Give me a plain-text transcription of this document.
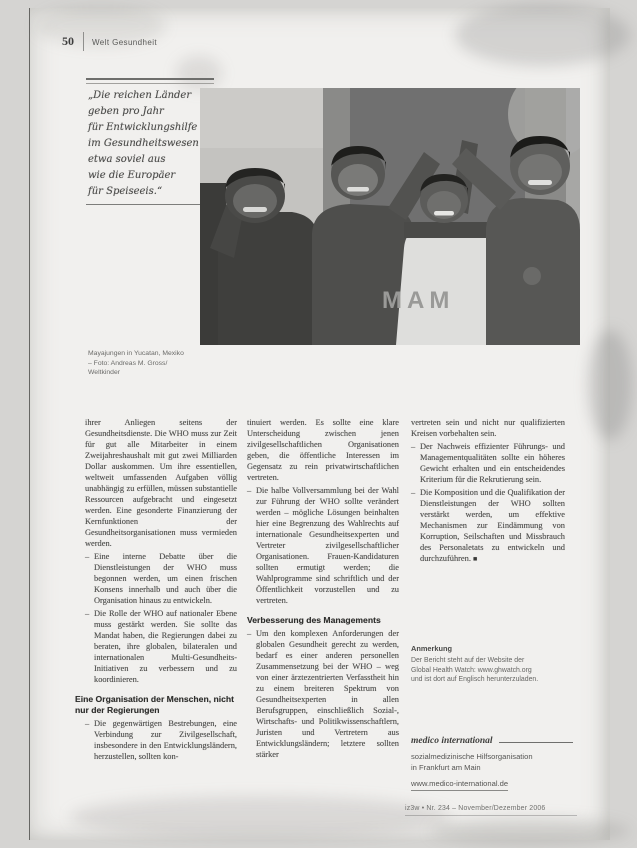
50 Welt Gesundheit
„Die reichen Länder
geben pro Jahr
für Entwicklungshilfe
im Gesundheitswesen
etwa soviel aus
wie die Europäer
für Speiseeis.“
MAM
Mayajungen in Yucatan, Mexiko
– Foto: Andreas M. Gross/
Weltkinder

ihrer Anliegen seitens der Gesundheitsdienste. Die WHO muss zur Zeit für gut alle Mitarbeiter in einem Zweijahreshaushalt mit gut zwei Milliarden Dollar auskommen. Um ihre essentiellen, weltweit umfassenden Aufgaben völlig unabhängig zu erfüllen, müssen substantielle Ressourcen aufgebracht und eingesetzt werden. Eine gesonderte Finanzierung der Kernfunktionen der Gesundheitsorganisationen muss vermieden werden.

– Eine interne Debatte über die Dienstleistungen der WHO muss begonnen werden, um einen frischen Konsens innerhalb und auch über die Organisation hinaus zu entwickeln.
– Die Rolle der WHO auf nationaler Ebene muss gestärkt werden. Sie sollte das Mandat haben, die Regierungen dabei zu beraten, ihre globalen, bilateralen und internationalen Multi-Gesundheits-Initiativen zu verbessern und zu koordinieren.
Eine Organisation der Menschen, nicht nur der Regierungen
– Die gegenwärtigen Bestrebungen, eine Verbindung zur Zivilgesellschaft, insbesondere in den Entwicklungsländern, herzustellen, sollten kon-

tinuiert werden. Es sollte eine klare Unterscheidung zwischen jenen zivilgesellschaftlichen Organisationen geben, die öffentliche Interessen im Gegensatz zu rein privatwirtschaftlichen vertreten.

– Die halbe Vollversammlung bei der Wahl zur Führung der WHO sollte verändert werden – mögliche Lösungen beinhalten hier eine Begrenzung des Wahlrechts auf internationale Gesundheitsexperten und Vertreter zivilgesellschaftlicher Organisationen. Frauen-Kandidaturen sollten ermutigt werden; die Wahlprogramme sind schriftlich und der Öffentlichkeit vorzustellen und zu vertreten.
Verbesserung des Managements
– Um den komplexen Anforderungen der globalen Gesundheit gerecht zu werden, bedarf es einer anderen personellen Zusammensetzung bei der WHO – weg von einer ärztezentrierten Verfasstheit hin zu einem breiteren Spektrum von Gesundheitsexperten in allen Berufsgruppen, einschließlich Sozial-, Wirtschafts- und Politikwissenschaftlern, Juristen und Vertretern aus Entwicklungsländern; letztere sollten stärker

vertreten sein und nicht nur qualifizierten Kreisen vorbehalten sein.

– Der Nachweis effizienter Führungs- und Managementqualitäten sollte ein höheres Gewicht erhalten und ein entscheidendes Kriterium für die Rekrutierung sein.
– Die Komposition und die Qualifikation der Dienstleistungen der WHO sollten verstärkt werden, um effektive Mechanismen zur Eindämmung von Korruption, Seilschaften und Missbrauch des Personaletats zu entwickeln und durchzuführen. ■
Anmerkung
Der Bericht steht auf der Website der
Global Health Watch: www.ghwatch.org
und ist dort auf Englisch herunterzuladen.
medico international
sozialmedizinische Hilfsorganisation
in Frankfurt am Main
www.medico-international.de
iz3w • Nr. 234 – November/Dezember 2006
